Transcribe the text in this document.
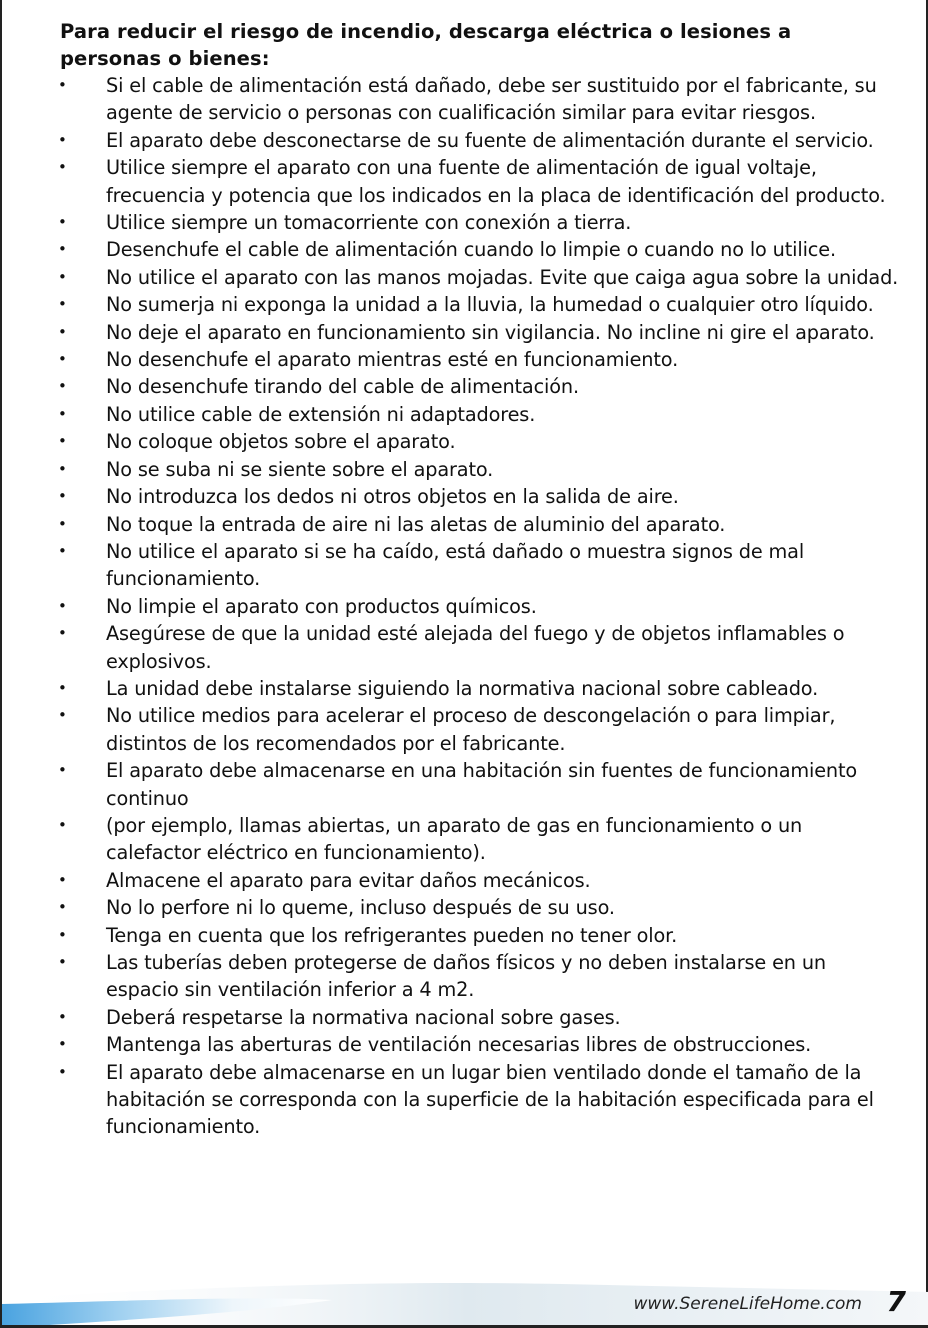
Para reducir el riesgo de incendio, descarga eléctrica o lesiones a personas o bienes:
• Si el cable de alimentación está dañado, debe ser sustituido por el fabricante, su agente de servicio o personas con cualificación similar para evitar riesgos.
• El aparato debe desconectarse de su fuente de alimentación durante el servicio.
• Utilice siempre el aparato con una fuente de alimentación de igual voltaje, frecuencia y potencia que los indicados en la placa de identificación del producto.
• Utilice siempre un tomacorriente con conexión a tierra.
• Desenchufe el cable de alimentación cuando lo limpie o cuando no lo utilice.
• No utilice el aparato con las manos mojadas. Evite que caiga agua sobre la unidad.
• No sumerja ni exponga la unidad a la lluvia, la humedad o cualquier otro líquido.
• No deje el aparato en funcionamiento sin vigilancia. No incline ni gire el aparato.
• No desenchufe el aparato mientras esté en funcionamiento.
• No desenchufe tirando del cable de alimentación.
• No utilice cable de extensión ni adaptadores.
• No coloque objetos sobre el aparato.
• No se suba ni se siente sobre el aparato.
• No introduzca los dedos ni otros objetos en la salida de aire.
• No toque la entrada de aire ni las aletas de aluminio del aparato.
• No utilice el aparato si se ha caído, está dañado o muestra signos de mal funcionamiento.
• No limpie el aparato con productos químicos.
• Asegúrese de que la unidad esté alejada del fuego y de objetos inflamables o explosivos.
• La unidad debe instalarse siguiendo la normativa nacional sobre cableado.
• No utilice medios para acelerar el proceso de descongelación o para limpiar, distintos de los recomendados por el fabricante.
• El aparato debe almacenarse en una habitación sin fuentes de funcionamiento continuo
• (por ejemplo, llamas abiertas, un aparato de gas en funcionamiento o un calefactor eléctrico en funcionamiento).
• Almacene el aparato para evitar daños mecánicos.
• No lo perfore ni lo queme, incluso después de su uso.
• Tenga en cuenta que los refrigerantes pueden no tener olor.
• Las tuberías deben protegerse de daños físicos y no deben instalarse en un espacio sin ventilación inferior a 4 m2.
• Deberá respetarse la normativa nacional sobre gases.
• Mantenga las aberturas de ventilación necesarias libres de obstrucciones.
• El aparato debe almacenarse en un lugar bien ventilado donde el tamaño de la habitación se corresponda con la superficie de la habitación especificada para el funcionamiento.
www.SereneLifeHome.com 7
